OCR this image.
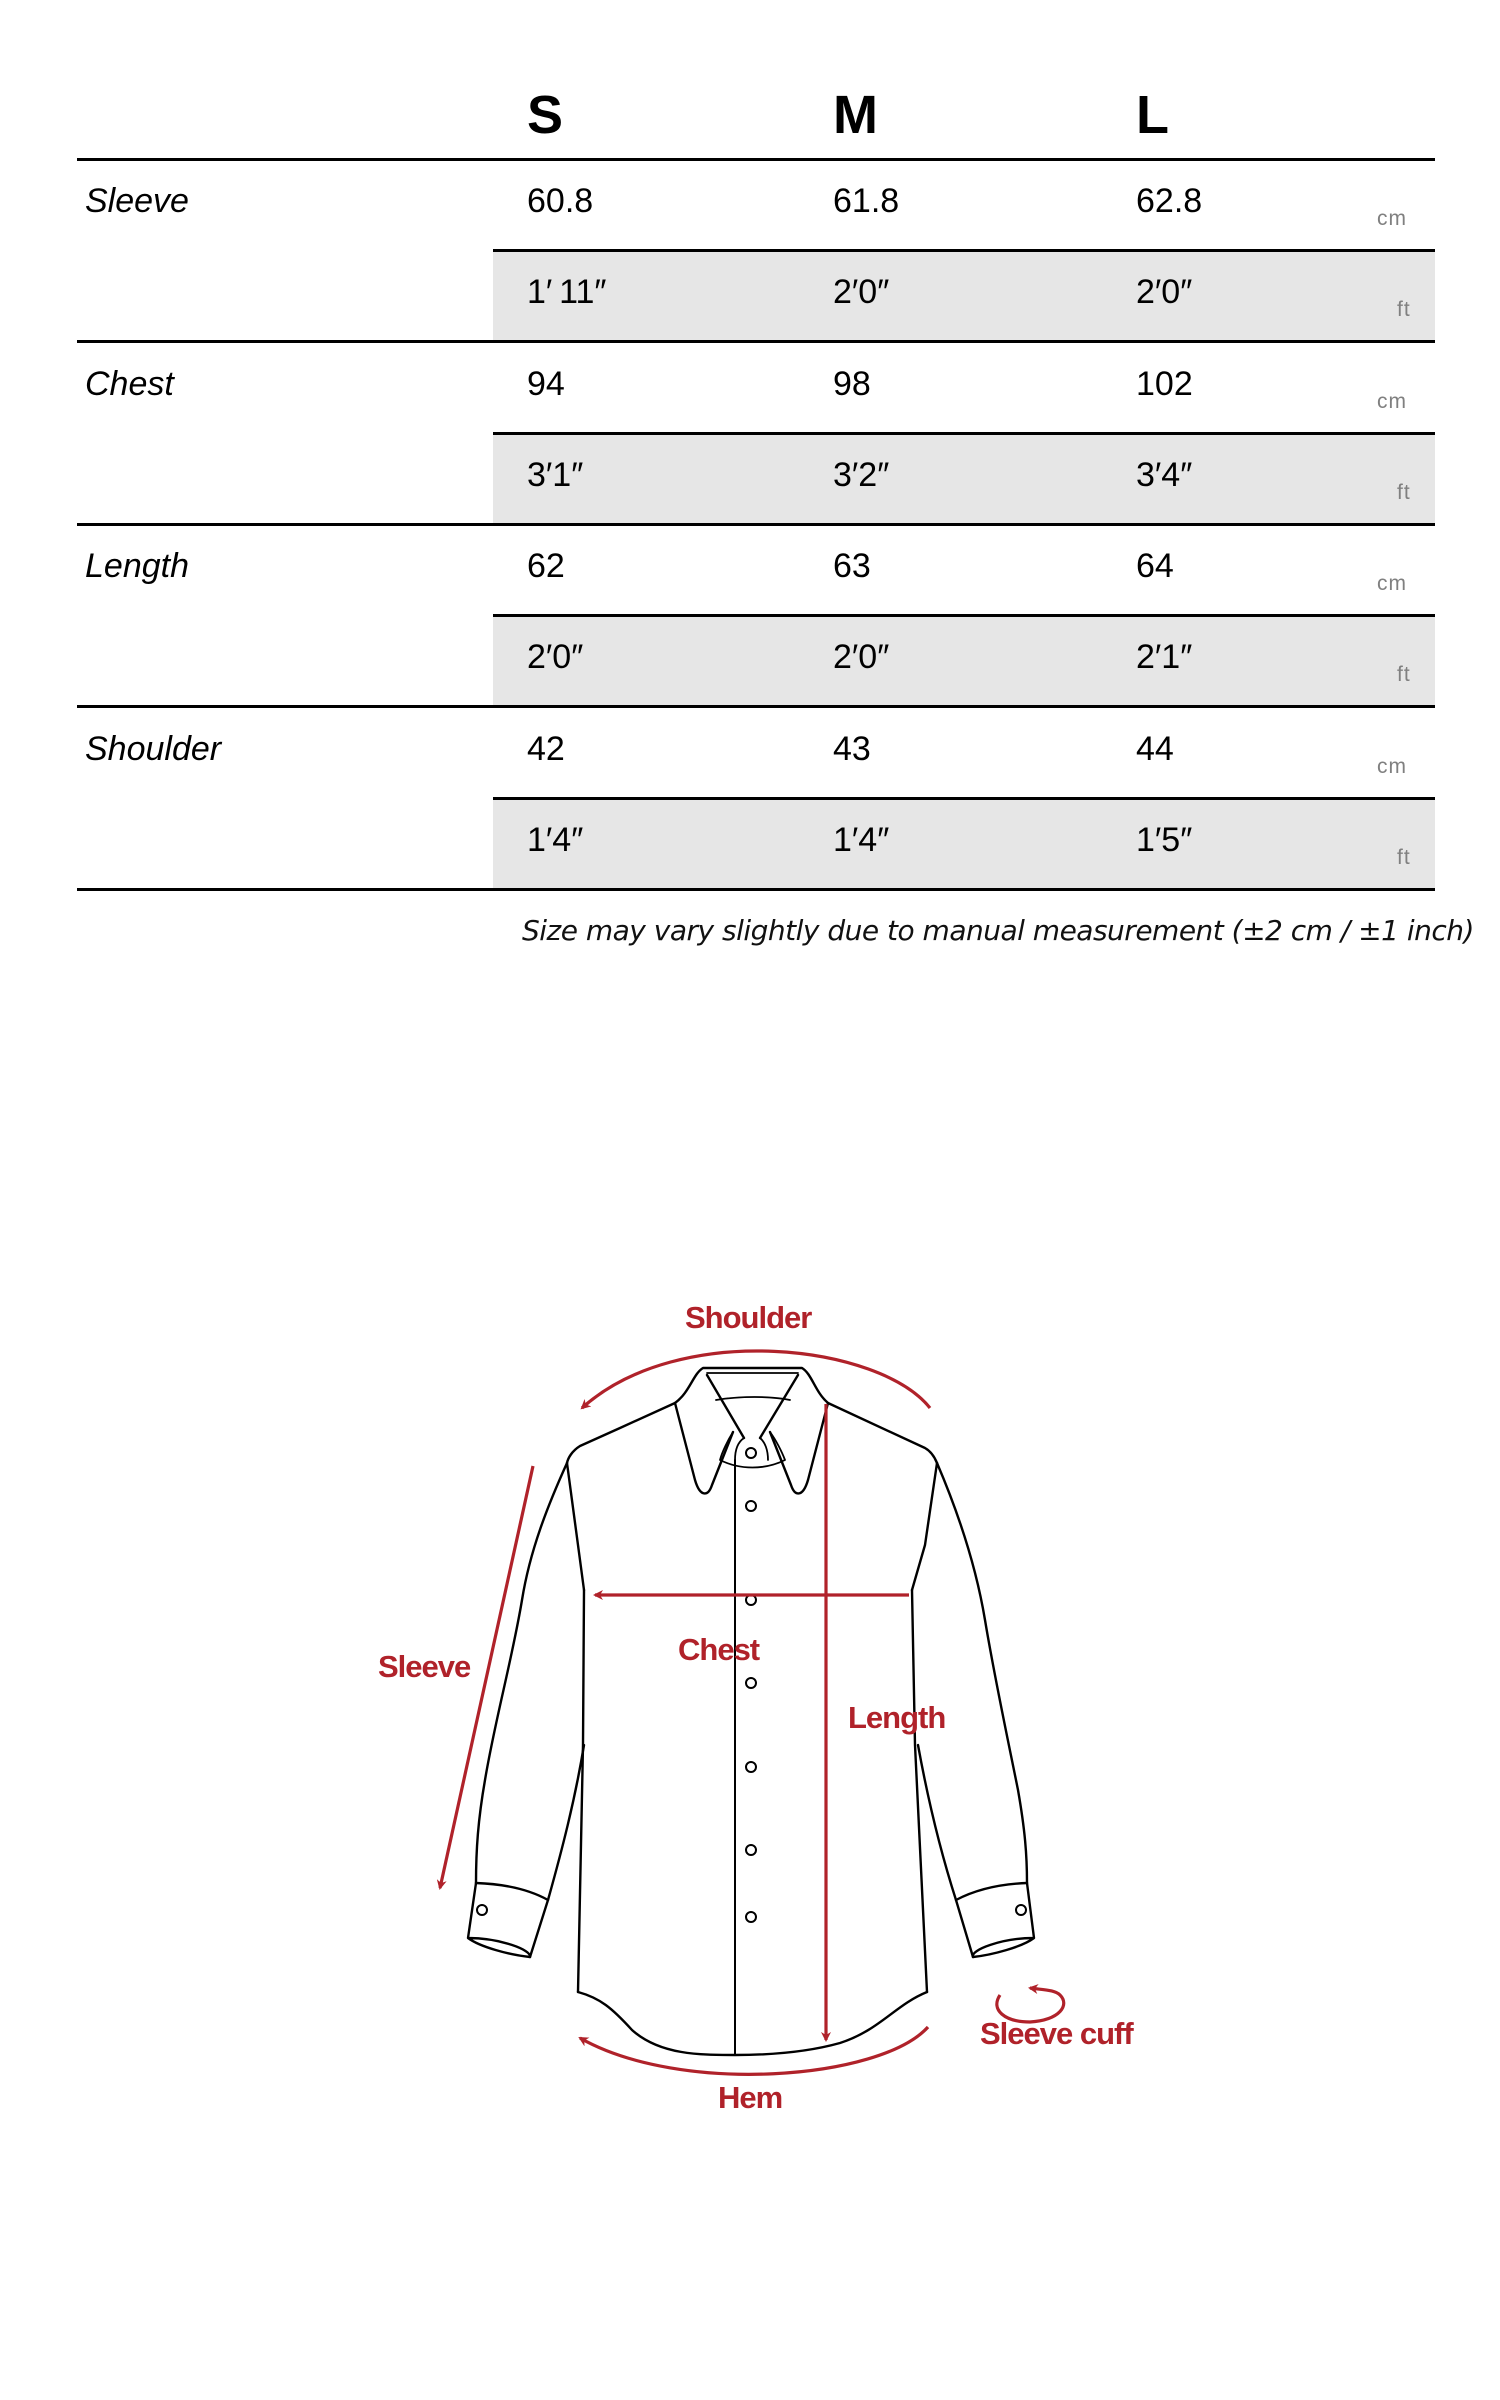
S	M	L
Sleeve	60.8	61.8	62.8	cm
1′ 11″	2′0″	2′0″	ft
Chest	94	98	102	cm
3′1″	3′2″	3′4″	ft
Length	62	63	64	cm
2′0″	2′0″	2′1″	ft
Shoulder	42	43	44	cm
1′4″	1′4″	1′5″	ft
Size may vary slightly due to manual measurement (±2 cm / ±1 inch)
Shoulder
Chest
Sleeve
Length
Sleeve cuff
Hem
